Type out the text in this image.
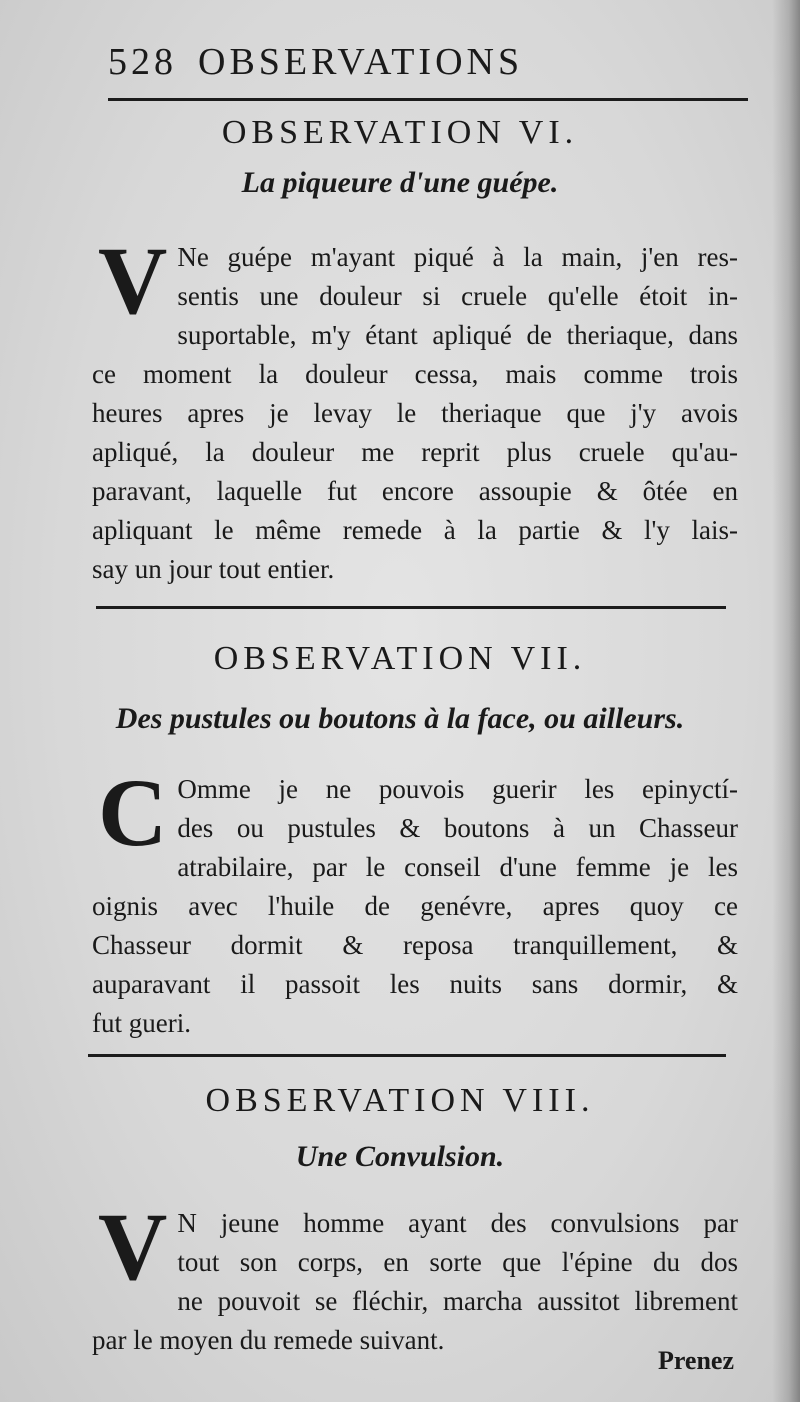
528 OBSERVATIONS
OBSERVATION VI.
La piqueure d'une guépe.
V Ne guépe m'ayant piqué à la main, j'en res-
sentis une douleur si cruele qu'elle étoit in-
suportable, m'y étant apliqué de theriaque, dans
ce moment la douleur cessa, mais comme trois
heures apres je levay le theriaque que j'y avois
apliqué, la douleur me reprit plus cruele qu'au-
paravant, laquelle fut encore assoupie & ôtée en
apliquant le même remede à la partie & l'y lais-
say un jour tout entier.
OBSERVATION VII.
Des pustules ou boutons à la face, ou ailleurs.
C Omme je ne pouvois guerir les epinyctí-
des ou pustules & boutons à un Chasseur
atrabilaire, par le conseil d'une femme je les
oignis avec l'huile de genévre, apres quoy ce
Chasseur dormit & reposa tranquillement, &
auparavant il passoit les nuits sans dormir, &
fut gueri.
OBSERVATION VIII.
Une Convulsion.
V N jeune homme ayant des convulsions par
tout son corps, en sorte que l'épine du dos
ne pouvoit se fléchir, marcha aussitot librement
par le moyen du remede suivant.
Prenez
